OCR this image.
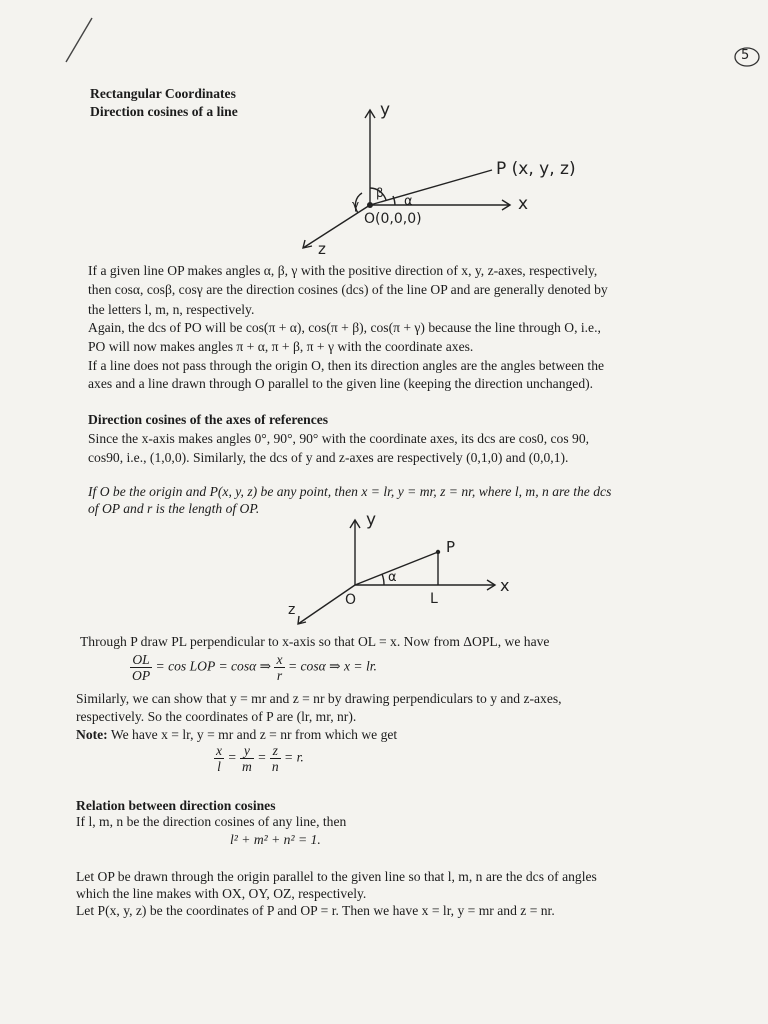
5
Rectangular Coordinates
Direction cosines of a line	y
x
z
P (x, y, z)
O(0,0,0)
α
β
γ
If a given line OP makes angles α, β, γ with the positive direction of x, y, z-axes, respectively,
then cosα, cosβ, cosγ are the direction cosines (dcs) of the line OP and are generally denoted by
the letters l, m, n, respectively.
Again, the dcs of PO will be cos(π + α), cos(π + β), cos(π + γ) because the line through O, i.e.,
PO will now makes angles π + α, π + β, π + γ with the coordinate axes.
If a line does not pass through the origin O, then its direction angles are the angles between the
axes and a line drawn through O parallel to the given line (keeping the direction unchanged).
Direction cosines of the axes of references
Since the x-axis makes angles 0°, 90°, 90° with the coordinate axes, its dcs are cos0, cos 90,
cos90, i.e., (1,0,0). Similarly, the dcs of y and z-axes are respectively (0,1,0) and (0,0,1).
If O be the origin and P(x, y, z) be any point, then x = lr, y = mr, z = nr, where l, m, n are the dcs
of OP and r is the length of OP.
y
x
z
P
O	L
α
Through P draw PL perpendicular to x-axis so that OL = x. Now from ΔOPL, we have
$\frac{OL}{OP} = \cos$ LOP = cosα ⇒ $\frac{x}{r} = \cos\alpha$ ⇒ x = lr.
Similarly, we can show that y = mr and z = nr by drawing perpendiculars to y and z-axes,
respectively. So the coordinates of P are (lr, mr, nr).
Note: We have x = lr, y = mr and z = nr from which we get
$\frac{x}{l} = \frac{y}{m} = \frac{z}{n} = r$.
Relation between direction cosines
If l, m, n be the direction cosines of any line, then
l² + m² + n² = 1.
Let OP be drawn through the origin parallel to the given line so that l, m, n are the dcs of angles
which the line makes with OX, OY, OZ, respectively.
Let P(x, y, z) be the coordinates of P and OP = r. Then we have x = lr, y = mr and z = nr.
